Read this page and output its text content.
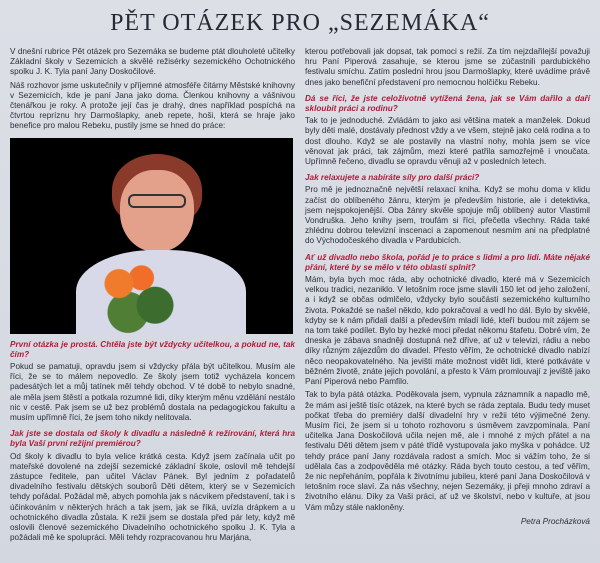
PĚT OTÁZEK PRO „SEZEMÁKA“

V dnešní rubrice Pět otázek pro Sezemáka se budeme ptát dlouholeté učitelky Základní školy v Sezemicích a skvělé režisérky sezemického Ochotnického spolku J. K. Tyla paní Jany Doskočilové.

Náš rozhovor jsme uskutečnily v příjemné atmosféře čitárny Městské knihovny v Sezemicích, kde je paní Jana jako doma. Členkou knihovny a vášnivou čtenářkou je roky. A protože její čas je drahý, dnes například pospíchá na čtvrtou repríznu hry Darmošlapky, aneb repete, hoši, která se hraje jako benefice pro malou Rebeku, pustily jsme se hned do práce:

První otázka je prostá. Chtěla jste být vždycky učitelkou, a pokud ne, tak čím?

Pokud se pamatuji, opravdu jsem si vždycky přála být učitelkou. Musím ale říci, že se to málem nepovedlo. Ze školy jsem totiž vycházela koncem padesátých let a můj tatínek měl tehdy obchod. V té době to nebylo snadné, ale měla jsem štěstí a potkala rozumné lidi, díky kterým měnu vzdělání nestálo nic v cestě. Pak jsem se už bez problémů dostala na pedagogickou fakultu a musím upřímně říci, že jsem toho nikdy nelitovala.

Jak jste se dostala od školy k divadlu a následně k režírování, která hra byla Vaší první režijní premiérou?

Od školy k divadlu to byla velice krátká cesta. Když jsem začínala učit po mateřské dovolené na zdejší sezemické základní škole, oslovil mě tehdejší zástupce ředitele, pan učitel Václav Pánek. Byl jedním z pořadatelů divadelního festivalu dětských souborů Děti dětem, který se v Sezemicích tehdy pořádal. Požádal mě, abych pomohla jak s nácvikem představení, tak i s účinkováním v některých hrách a tak jsem, jak se říká, uvízla drápkem a u ochotnického divadla zůstala. K režii jsem se dostala před pár lety, když mě oslovili členové sezemického Divadelního ochotnického spolku J. K. Tyla a požádali mě ke spolupráci. Měli tehdy rozpracovanou hru Marjána,

kterou potřebovali jak dopsat, tak pomoci s režií. Za tím nejzdařilejší považuji hru Paní Piperová zasahuje, se kterou jsme se zúčastnili pardubického festivalu smíchu. Zatím poslední hrou jsou Darmošlapky, které uvádíme právě dnes jako benefiční představení pro nemocnou holčičku Rebeku.

Dá se říci, že jste celoživotně vytížená žena, jak se Vám dařilo a daří skloubit práci a rodinu?

Tak to je jednoduché. Zvládám to jako asi většina matek a manželek. Dokud byly děti malé, dostávaly přednost vždy a ve všem, stejně jako celá rodina a to dost dlouho. Když se ale postavily na vlastní nohy, mohla jsem se více věnovat jak práci, tak zájmům, mezi které patřila samozřejmě i vnoučata. Upřímně řečeno, divadlu se opravdu věnuji až v posledních letech.

Jak relaxujete a nabíráte síly pro další práci?

Pro mě je jednoznačně největší relaxací kniha. Když se mohu doma v klidu začíst do oblíbeného žánru, kterým je především historie, ale i detektivka, jsem nejspokojenější. Oba žánry skvěle spojuje můj oblíbený autor Vlastimil Vondruška. Jeho knihy jsem, troufám si říci, přečetla všechny. Ráda také zhlédnu dobrou televizní inscenaci a zapomenout nesmím ani na předplatné do Východočeského divadla v Pardubicích.

Ať už divadlo nebo škola, pořád je to práce s lidmi a pro lidi. Máte nějaké přání, které by se mělo v této oblasti splnit?

Mám, byla bych moc ráda, aby ochotnické divadlo, které má v Sezemicích velkou tradici, nezaniklo. V letošním roce jsme slavili 150 let od jeho založení, a i když se občas odmlčelo, vždycky bylo součástí sezemického kulturního života. Pokaždé se našel někdo, kdo pokračoval a vedl ho dál. Bylo by skvělé, kdyby se k nám přidali další a především mladí lidé, kteří budou mít zájem se na tom také podílet. Bylo by hezké moci předat někomu štafetu. Dobré vím, že dneska je zábava snadněji dostupná než dříve, ať už v televizi, rádiu a nebo díky různým zájezdům do divadel. Přesto věřím, že ochotnické divadlo nabízí něco neopakovatelného. Na jevišti máte možnost vidět lidi, které potkáváte v běžném životě, znáte jejich povolání, a přesto k Vám promlouvají z jeviště jako Paní Piperová nebo Pamfilo.

Tak to byla pátá otázka. Poděkovala jsem, vypnula záznamník a napadlo mě, že mám asi ještě tisíc otázek, na které bych se ráda zeptala. Budu tedy muset počkat třeba do premiéry další divadelní hry v režii této výjimečné ženy. Musím říci, že jsem si u tohoto rozhovoru s úsměvem zavzpomínala. Paní učitelka Jana Doskočilová učila nejen mě, ale i mnohé z mých přátel a na festivalu Děti dětem jsem v páté třídě vystupovala jako myška v pohádce. Už tehdy práce paní Jany rozdávala radost a smích. Moc si vážím toho, že si udělala čas a zodpověděla mé otázky. Ráda bych touto cestou, a teď věřím, že nic nepřeháním, popřála k životnímu jubileu, které paní Jana Doskočilová v letošním roce slaví. Za nás všechny, nejen Sezemáky, ji přeji mnoho zdraví a životního elánu. Díky za Vaši práci, ať už ve školství, nebo v kultuře, at jsou Vám můzy stále nakloněny.

Petra Procházková
